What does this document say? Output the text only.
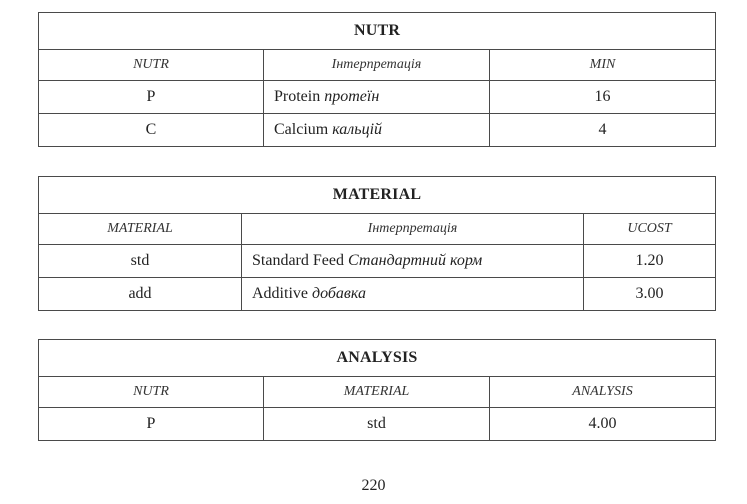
NUTR		
NUTR	Інтерпретація	MIN
P	Protein протеїн	16
C	Calcium кальцій	4
MATERIAL		
MATERIAL	Інтерпретація	UCOST
std	Standard Feed Стандартний корм	1.20
add	Additive добавка	3.00
ANALYSIS		
NUTR	MATERIAL	ANALYSIS
P	std	4.00
220
